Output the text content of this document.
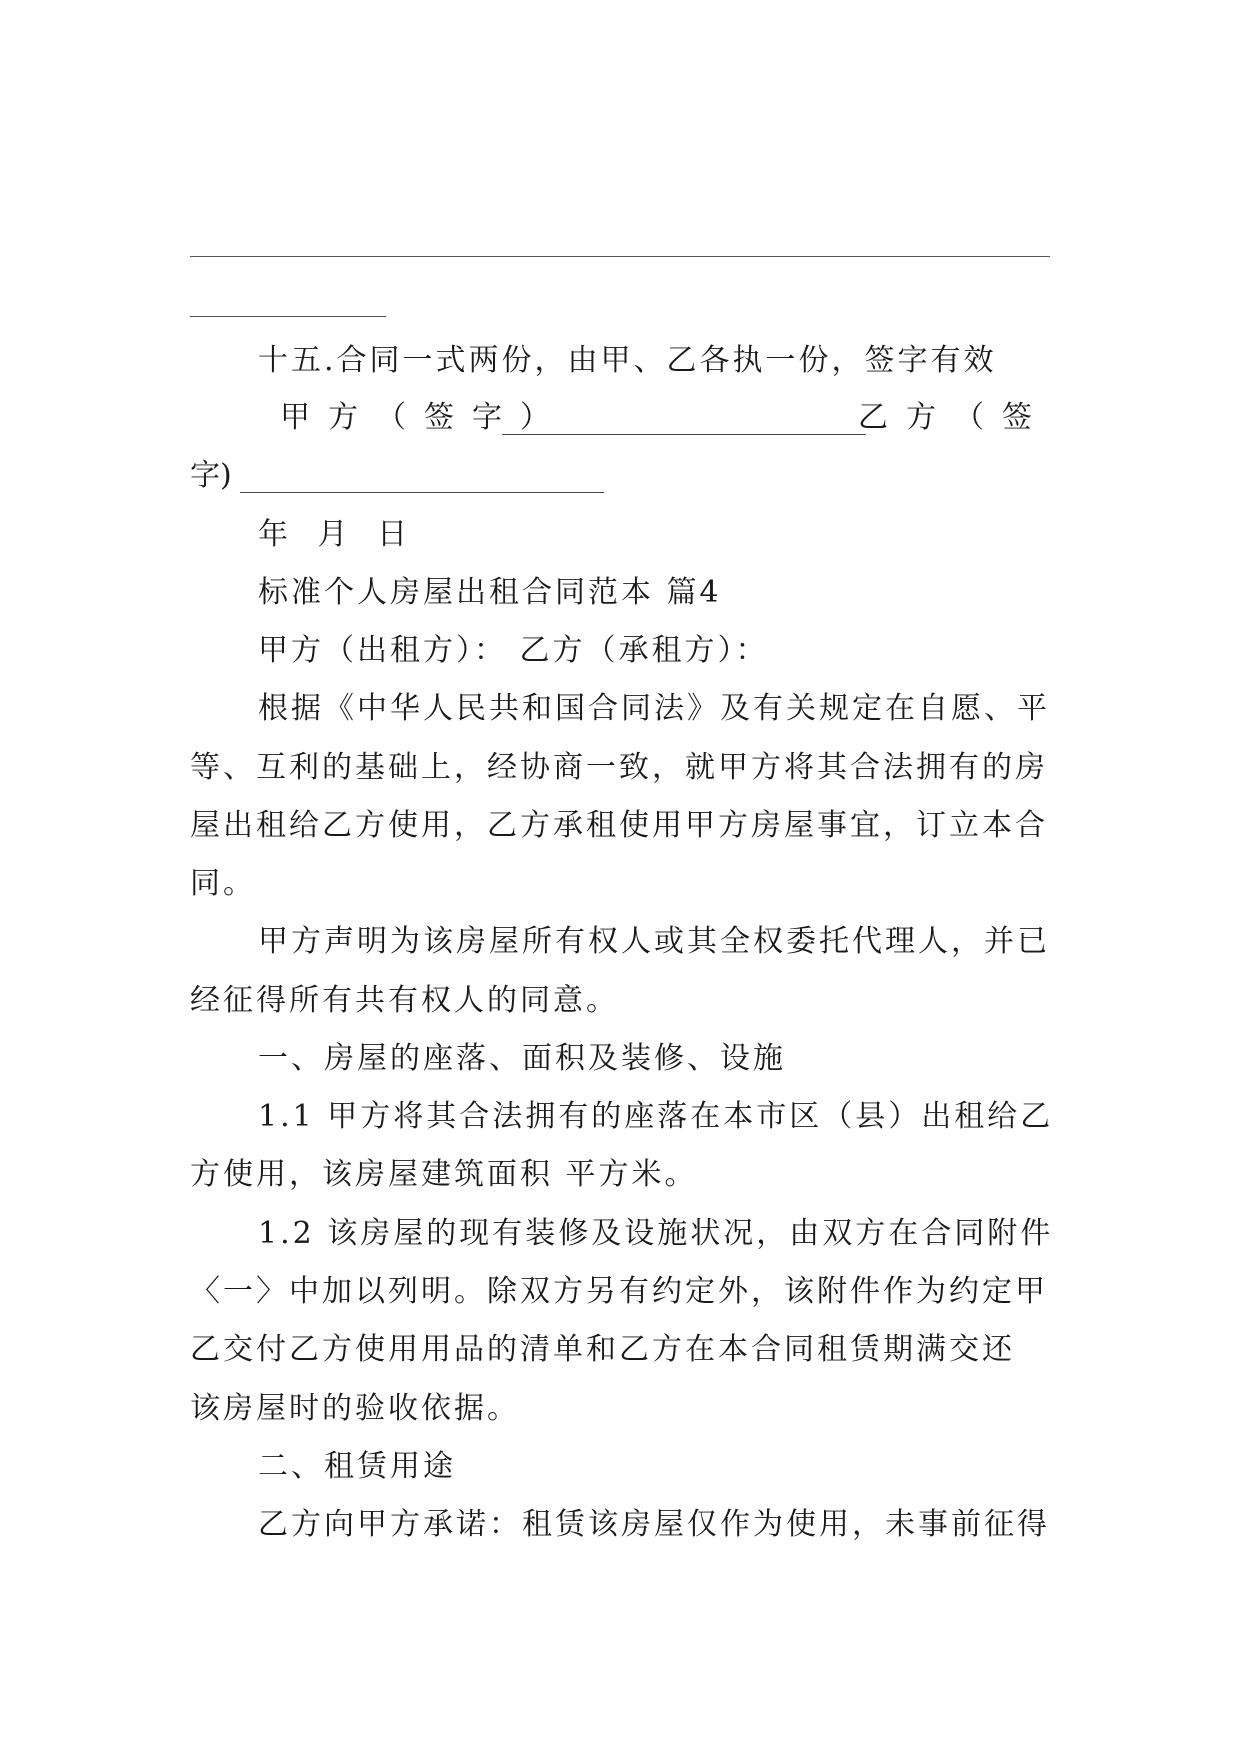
十五.合同一式两份，由甲、乙各执一份，签字有效
甲方（签字）	乙方（签
字)
年 月 日
标准个人房屋出租合同范本 篇4
甲方（出租方）： 乙方（承租方）：
根据《中华人民共和国合同法》及有关规定在自愿、平
等、互利的基础上，经协商一致，就甲方将其合法拥有的房
屋出租给乙方使用，乙方承租使用甲方房屋事宜，订立本合
同。
甲方声明为该房屋所有权人或其全权委托代理人，并已
经征得所有共有权人的同意。
一、房屋的座落、面积及装修、设施
1.1 甲方将其合法拥有的座落在本市区（县）出租给乙
方使用，该房屋建筑面积 平方米。
1.2 该房屋的现有装修及设施状况，由双方在合同附件
〈一〉中加以列明。除双方另有约定外，该附件作为约定甲
乙交付乙方使用用品的清单和乙方在本合同租赁期满交还
该房屋时的验收依据。
二、租赁用途
乙方向甲方承诺：租赁该房屋仅作为使用，未事前征得
